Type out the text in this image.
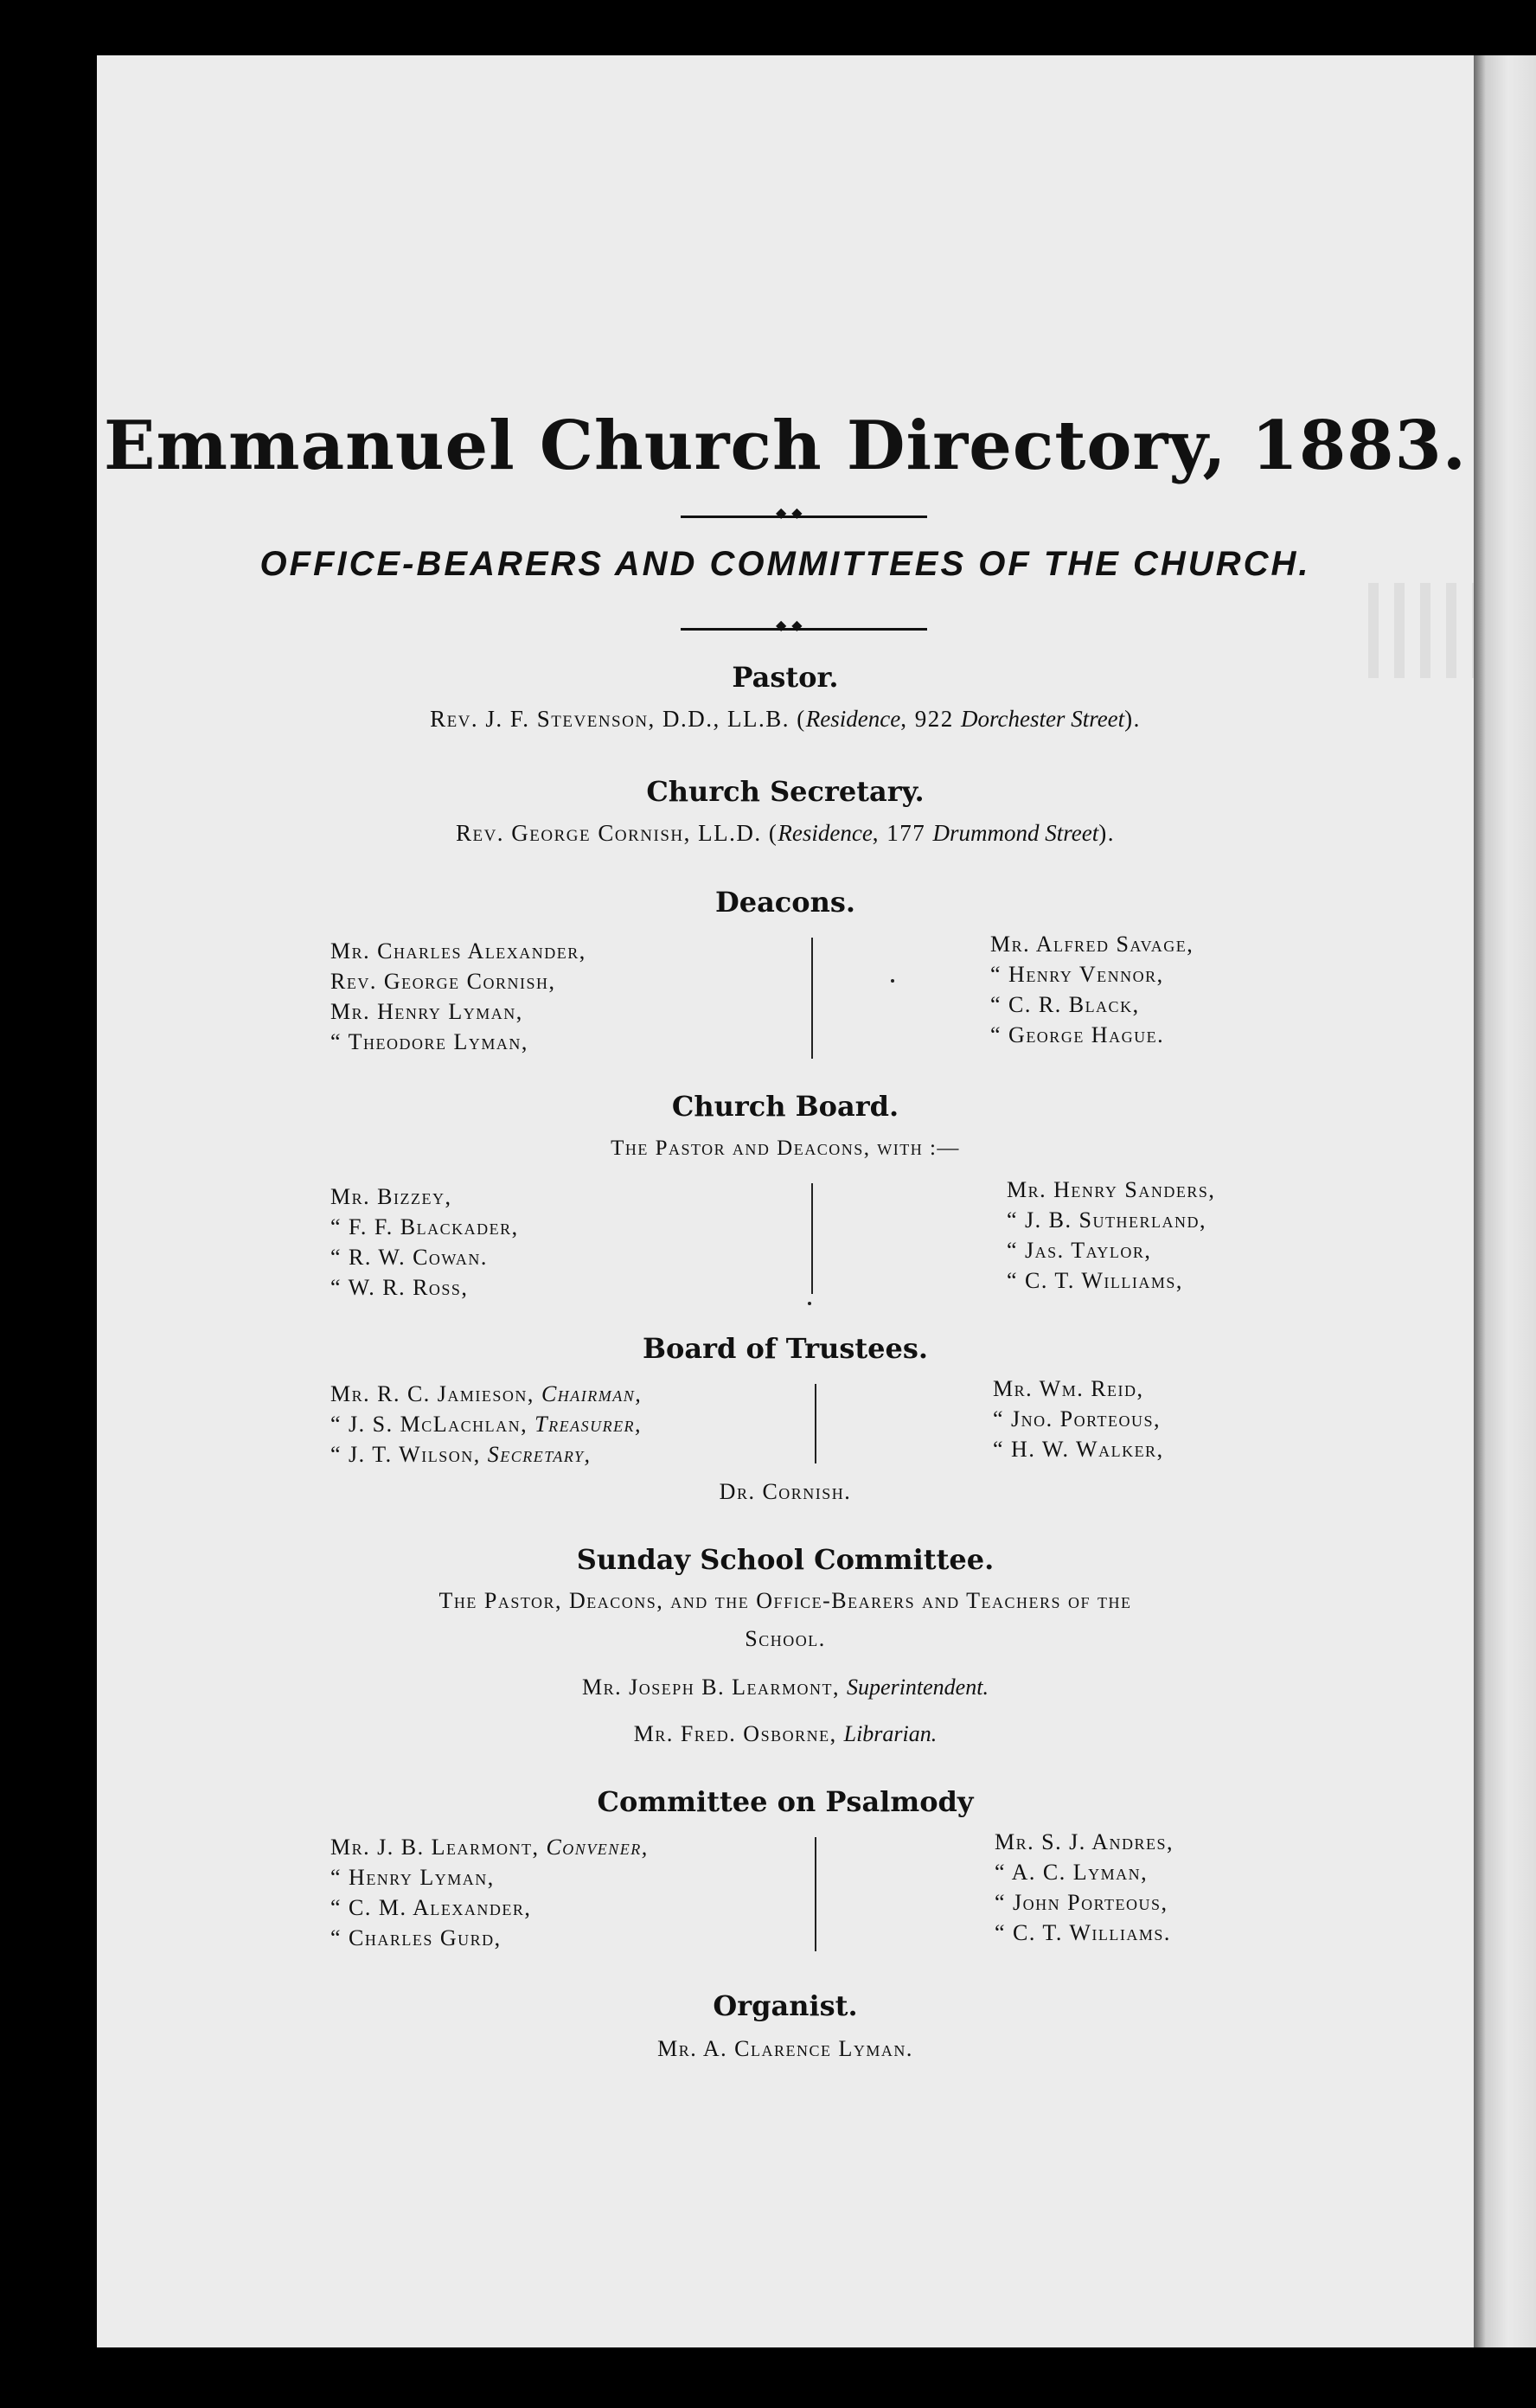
Emmanuel Church Directory, 1883.
◆◆
OFFICE-BEARERS AND COMMITTEES OF THE CHURCH.
◆◆
Pastor.
Rev. J. F. Stevenson, D.D., LL.B. (Residence, 922 Dorchester Street).
Church Secretary.
Rev. George Cornish, LL.D. (Residence, 177 Drummond Street).
Deacons.
Mr. Charles Alexander,
Rev. George Cornish,
Mr. Henry Lyman,
“ Theodore Lyman,
Mr. Alfred Savage,
“ Henry Vennor,
“ C. R. Black,
“ George Hague.
Church Board.
The Pastor and Deacons, with :—
Mr. Bizzey,
“ F. F. Blackader,
“ R. W. Cowan.
“ W. R. Ross,
Mr. Henry Sanders,
“ J. B. Sutherland,
“ Jas. Taylor,
“ C. T. Williams,
Board of Trustees.
Mr. R. C. Jamieson, Chairman,
“ J. S. McLachlan, Treasurer,
“ J. T. Wilson, Secretary,
Mr. Wm. Reid,
“ Jno. Porteous,
“ H. W. Walker,
Dr. Cornish.
Sunday School Committee.
The Pastor, Deacons, and the Office-Bearers and Teachers of the
School.
Mr. Joseph B. Learmont, Superintendent.
Mr. Fred. Osborne, Librarian.
Committee on Psalmody
Mr. J. B. Learmont, Convener,
“ Henry Lyman,
“ C. M. Alexander,
“ Charles Gurd,
Mr. S. J. Andres,
“ A. C. Lyman,
“ John Porteous,
“ C. T. Williams.
Organist.
Mr. A. Clarence Lyman.
